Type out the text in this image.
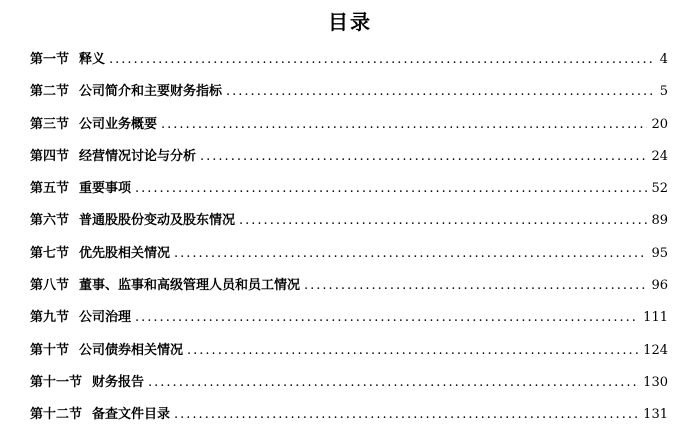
目录
第一节 释义 .....	4
第二节 公司简介和主要财务指标 .....	5
第三节 公司业务概要 .....	20
第四节 经营情况讨论与分析 .....	24
第五节 重要事项 .....	52
第六节 普通股股份变动及股东情况 .....	89
第七节 优先股相关情况 .....	95
第八节 董事、监事和高级管理人员和员工情况 .....	96
第九节 公司治理 .....	111
第十节 公司债券相关情况 .....	124
第十一节 财务报告 .....	130
第十二节 备查文件目录 .....	131
